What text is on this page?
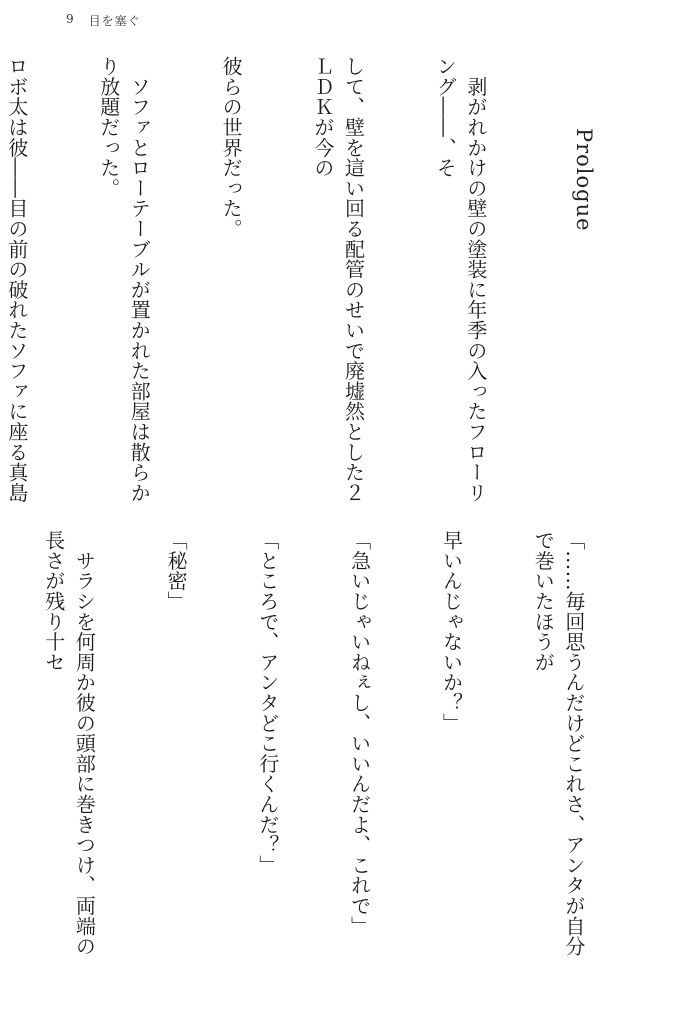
9 目を塞ぐ
Prologue

　剥がれかけの壁の塗装に年季の入ったフローリング――、そ

して、壁を這い回る配管のせいで廃墟然とした２ＬＤＫが今の

彼らの世界だった。

　ソファとローテーブルが置かれた部屋は散らかり放題だった。

ロボ太は彼――目の前の破れたソファに座る真島

「……毎回思うんだけどこれさ、アンタが自分で巻いたほうが

早いんじゃないか？」

「急いじゃいねぇし、いいんだよ、これで」

「ところで、アンタどこ行くんだ？」

「秘密」

　サラシを何周か彼の頭部に巻きつけ、両端の長さが残り十セ
